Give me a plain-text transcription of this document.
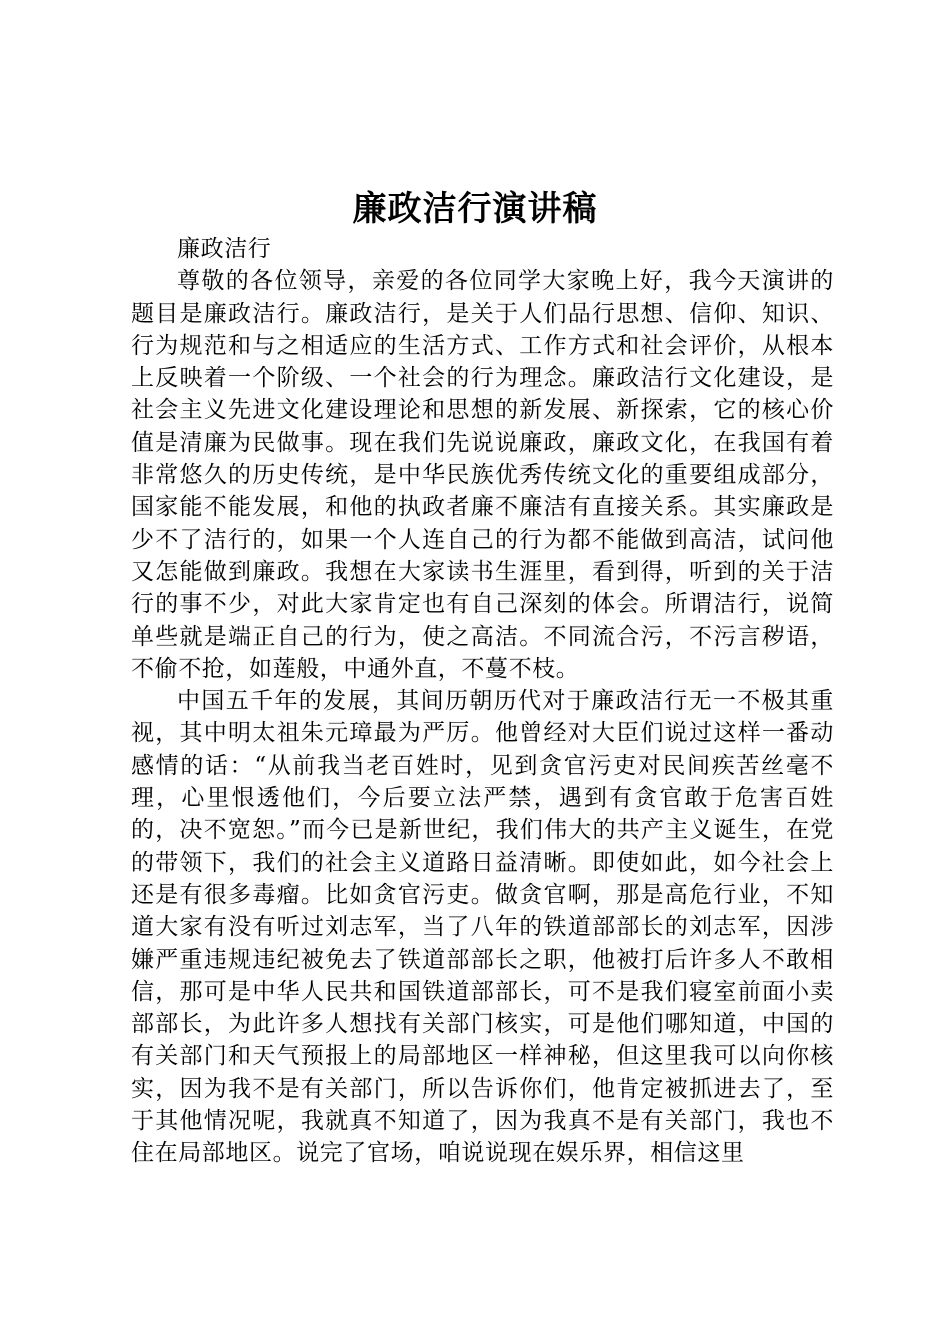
廉政洁行演讲稿

廉政洁行

尊敬的各位领导，亲爱的各位同学大家晚上好，我今天演讲的题目是廉政洁行。廉政洁行，是关于人们品行思想、信仰、知识、行为规范和与之相适应的生活方式、工作方式和社会评价，从根本上反映着一个阶级、一个社会的行为理念。廉政洁行文化建设，是社会主义先进文化建设理论和思想的新发展、新探索，它的核心价值是清廉为民做事。现在我们先说说廉政，廉政文化，在我国有着非常悠久的历史传统，是中华民族优秀传统文化的重要组成部分，国家能不能发展，和他的执政者廉不廉洁有直接关系。其实廉政是少不了洁行的，如果一个人连自己的行为都不能做到高洁，试问他又怎能做到廉政。我想在大家读书生涯里，看到得，听到的关于洁行的事不少，对此大家肯定也有自己深刻的体会。所谓洁行，说简单些就是端正自己的行为，使之高洁。不同流合污，不污言秽语，不偷不抢，如莲般，中通外直，不蔓不枝。

中国五千年的发展，其间历朝历代对于廉政洁行无一不极其重视，其中明太祖朱元璋最为严厉。他曾经对大臣们说过这样一番动感情的话：“从前我当老百姓时，见到贪官污吏对民间疾苦丝毫不理，心里恨透他们，今后要立法严禁，遇到有贪官敢于危害百姓的，决不宽恕。”而今已是新世纪，我们伟大的共产主义诞生，在党的带领下，我们的社会主义道路日益清晰。即使如此，如今社会上还是有很多毒瘤。比如贪官污吏。做贪官啊，那是高危行业，不知道大家有没有听过刘志军，当了八年的铁道部部长的刘志军，因涉嫌严重违规违纪被免去了铁道部部长之职，他被打后许多人不敢相信，那可是中华人民共和国铁道部部长，可不是我们寝室前面小卖部部长，为此许多人想找有关部门核实，可是他们哪知道，中国的有关部门和天气预报上的局部地区一样神秘，但这里我可以向你核实，因为我不是有关部门，所以告诉你们，他肯定被抓进去了，至于其他情况呢，我就真不知道了，因为我真不是有关部门，我也不住在局部地区。说完了官场，咱说说现在娱乐界，相信这里
